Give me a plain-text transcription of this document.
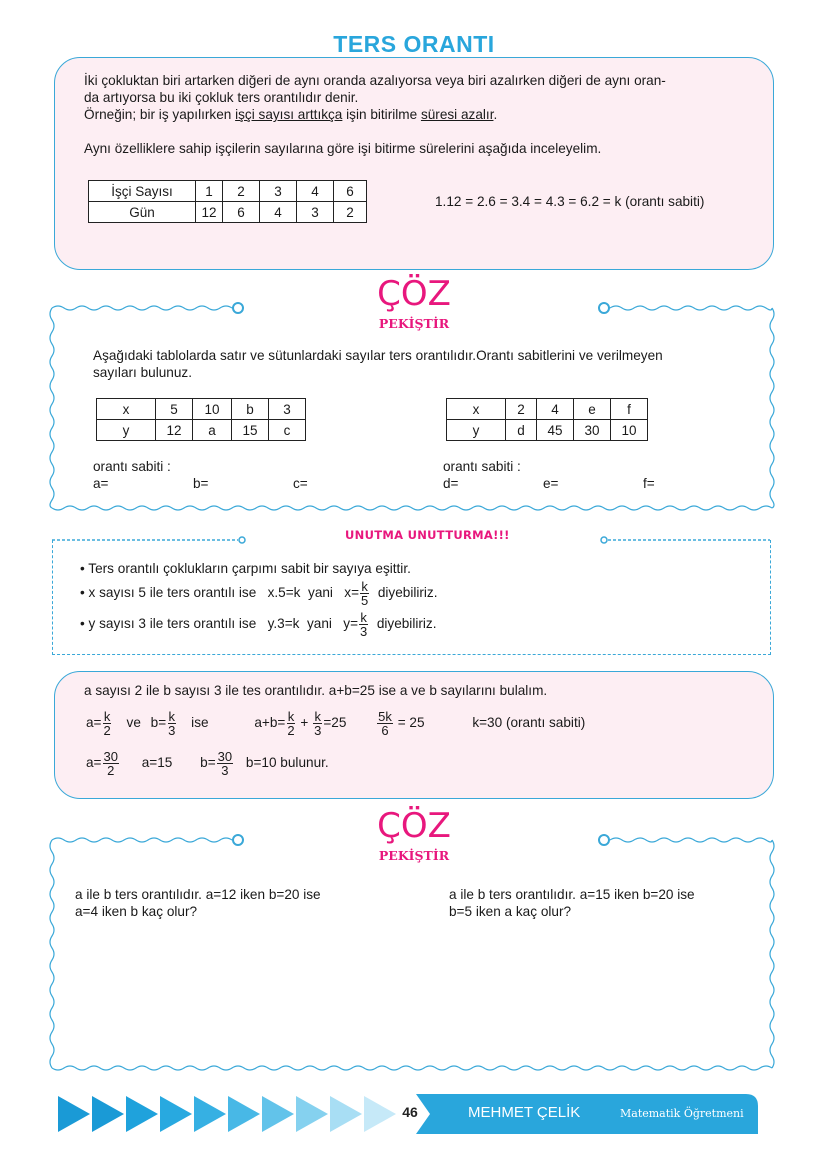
TERS ORANTI
İki çokluktan biri artarken diğeri de aynı oranda azalıyorsa veya biri azalırken diğeri de aynı oran-
da artıyorsa bu iki çokluk ters orantılıdır denir.
Örneğin; bir iş yapılırken işçi sayısı arttıkça işin bitirilme süresi azalır.
Aynı özelliklere sahip işçilerin sayılarına göre işi bitirme sürelerini aşağıda inceleyelim.
İşçi Sayısı	1	2	3	4	6
Gün	12	6	4	3	2
1.12 = 2.6 = 3.4 = 4.3 = 6.2 = k (orantı sabiti)
ÇÖZ
PEKİŞTİR
Aşağıdaki tablolarda satır ve sütunlardaki sayılar ters orantılıdır.Orantı sabitlerini ve verilmeyen
sayıları bulunuz.
x	5	10	b	3
y	12	a	15	c
x	2	4	e	f
y	d	45	30	10
orantı sabiti :
a=	b=	c=
orantı sabiti :
d=	e=	f=
UNUTMA UNUTTURMA!!!
• Ters orantılı çoklukların çarpımı sabit bir sayıya eşittir.
• x sayısı 5 ile ters orantılı ise   x.5=k  yani   $x= \frac{k}{5}$ diyebiliriz.
• y sayısı 3 ile ters orantılı ise   y.3=k  yani   $y= \frac{k}{3}$ diyebiliriz.
a sayısı 2 ile b sayısı 3 ile tes orantılıdır. a+b=25 ise a ve b sayılarını bulalım.
$a= \frac{k}{2}$ ve $b= \frac{k}{3}$ ise	$a+b= \frac{k}{2} + \frac{k}{3} =25 \frac{5k}{6} = 25$	k=30 (orantı sabiti)
$a= \frac{30}{2} a=15$ $b= \frac{30}{3} b=10$ bulunur.
ÇÖZ
PEKİŞTİR
a ile b ters orantılıdır. a=12 iken b=20 ise
a=4 iken b kaç olur?
a ile b ters orantılıdır. a=15 iken b=20 ise
b=5 iken a kaç olur?
46	MEHMET ÇELİK	Matematik Öğretmeni
